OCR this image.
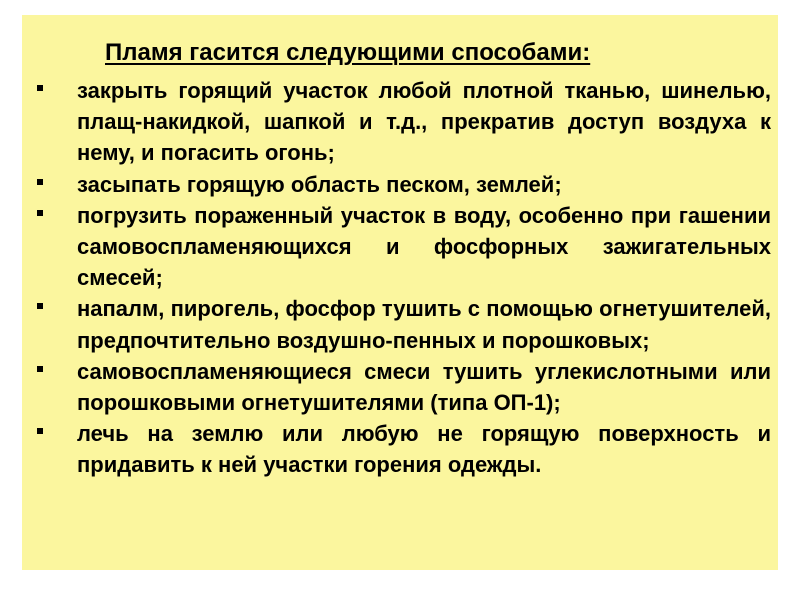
Пламя гасится следующими способами:
закрыть горящий участок любой плотной тканью, шинелью, плащ-накидкой, шапкой и т.д., прекратив доступ воздуха к нему, и погасить огонь;
засыпать горящую область песком, землей;
погрузить пораженный участок в воду, особенно при гашении самовоспламеняющихся и фосфорных зажигательных смесей;
напалм, пирогель, фосфор тушить с помощью огнетушителей, предпочтительно воздушно-пенных и порошковых;
самовоспламеняющиеся смеси тушить углекислотными или порошковыми огнетушителями (типа ОП-1);
лечь на землю или любую не горящую поверхность и придавить к ней участки горения одежды.
